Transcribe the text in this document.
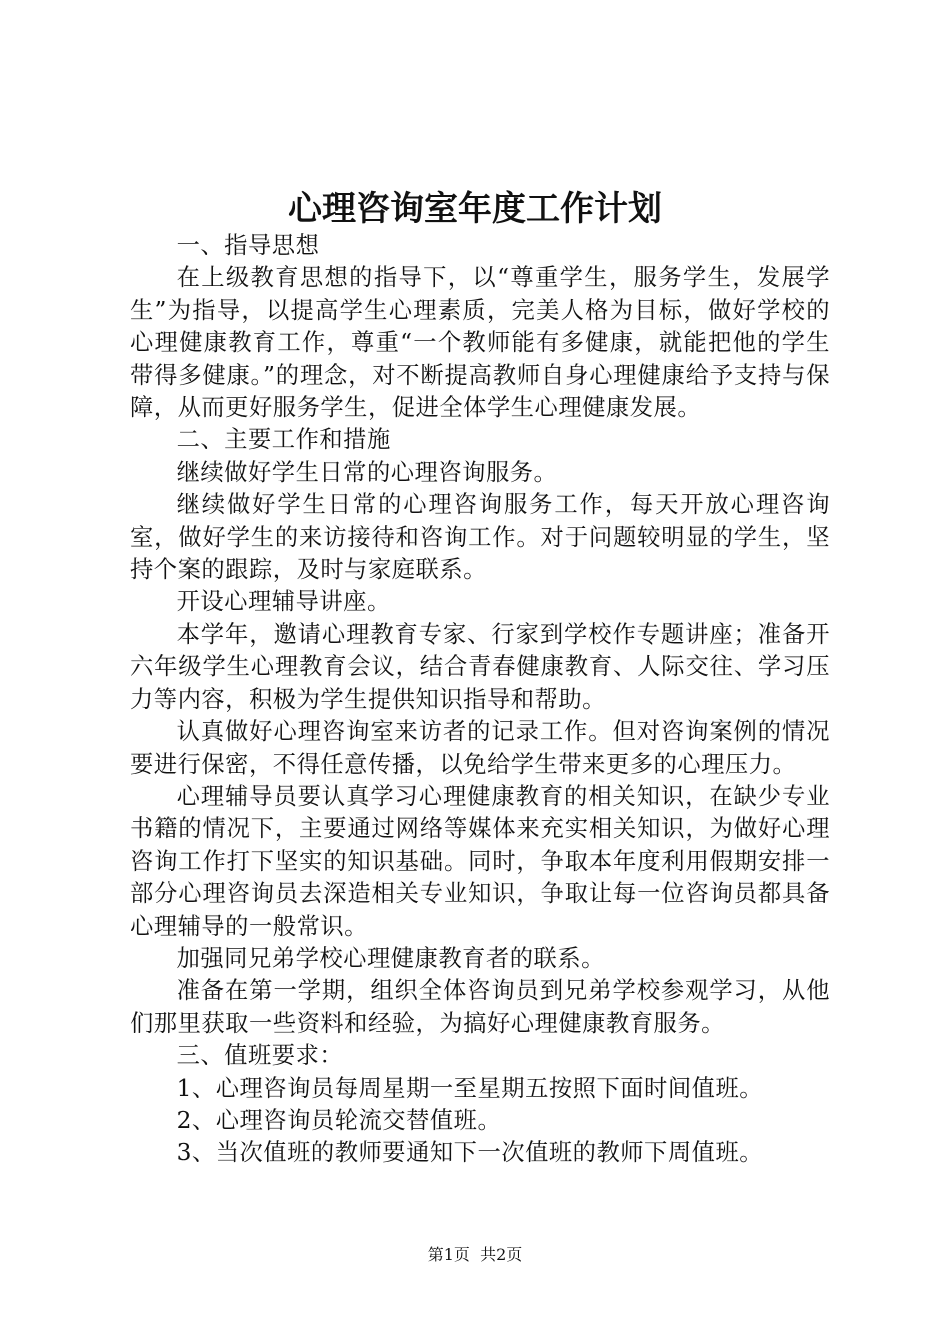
心理咨询室年度工作计划

一、指导思想

在上级教育思想的指导下，以“尊重学生，服务学生，发展学生”为指导，以提高学生心理素质，完美人格为目标，做好学校的心理健康教育工作，尊重“一个教师能有多健康，就能把他的学生带得多健康。”的理念，对不断提高教师自身心理健康给予支持与保障，从而更好服务学生，促进全体学生心理健康发展。

二、主要工作和措施

继续做好学生日常的心理咨询服务。

继续做好学生日常的心理咨询服务工作，每天开放心理咨询室，做好学生的来访接待和咨询工作。对于问题较明显的学生，坚持个案的跟踪，及时与家庭联系。

开设心理辅导讲座。

本学年，邀请心理教育专家、行家到学校作专题讲座；准备开六年级学生心理教育会议，结合青春健康教育、人际交往、学习压力等内容，积极为学生提供知识指导和帮助。

认真做好心理咨询室来访者的记录工作。但对咨询案例的情况要进行保密，不得任意传播，以免给学生带来更多的心理压力。

心理辅导员要认真学习心理健康教育的相关知识，在缺少专业书籍的情况下，主要通过网络等媒体来充实相关知识，为做好心理咨询工作打下坚实的知识基础。同时，争取本年度利用假期安排一部分心理咨询员去深造相关专业知识，争取让每一位咨询员都具备心理辅导的一般常识。

加强同兄弟学校心理健康教育者的联系。

准备在第一学期，组织全体咨询员到兄弟学校参观学习，从他们那里获取一些资料和经验，为搞好心理健康教育服务。

三、值班要求：

1、心理咨询员每周星期一至星期五按照下面时间值班。

2、心理咨询员轮流交替值班。

3、当次值班的教师要通知下一次值班的教师下周值班。

第1页 共2页
